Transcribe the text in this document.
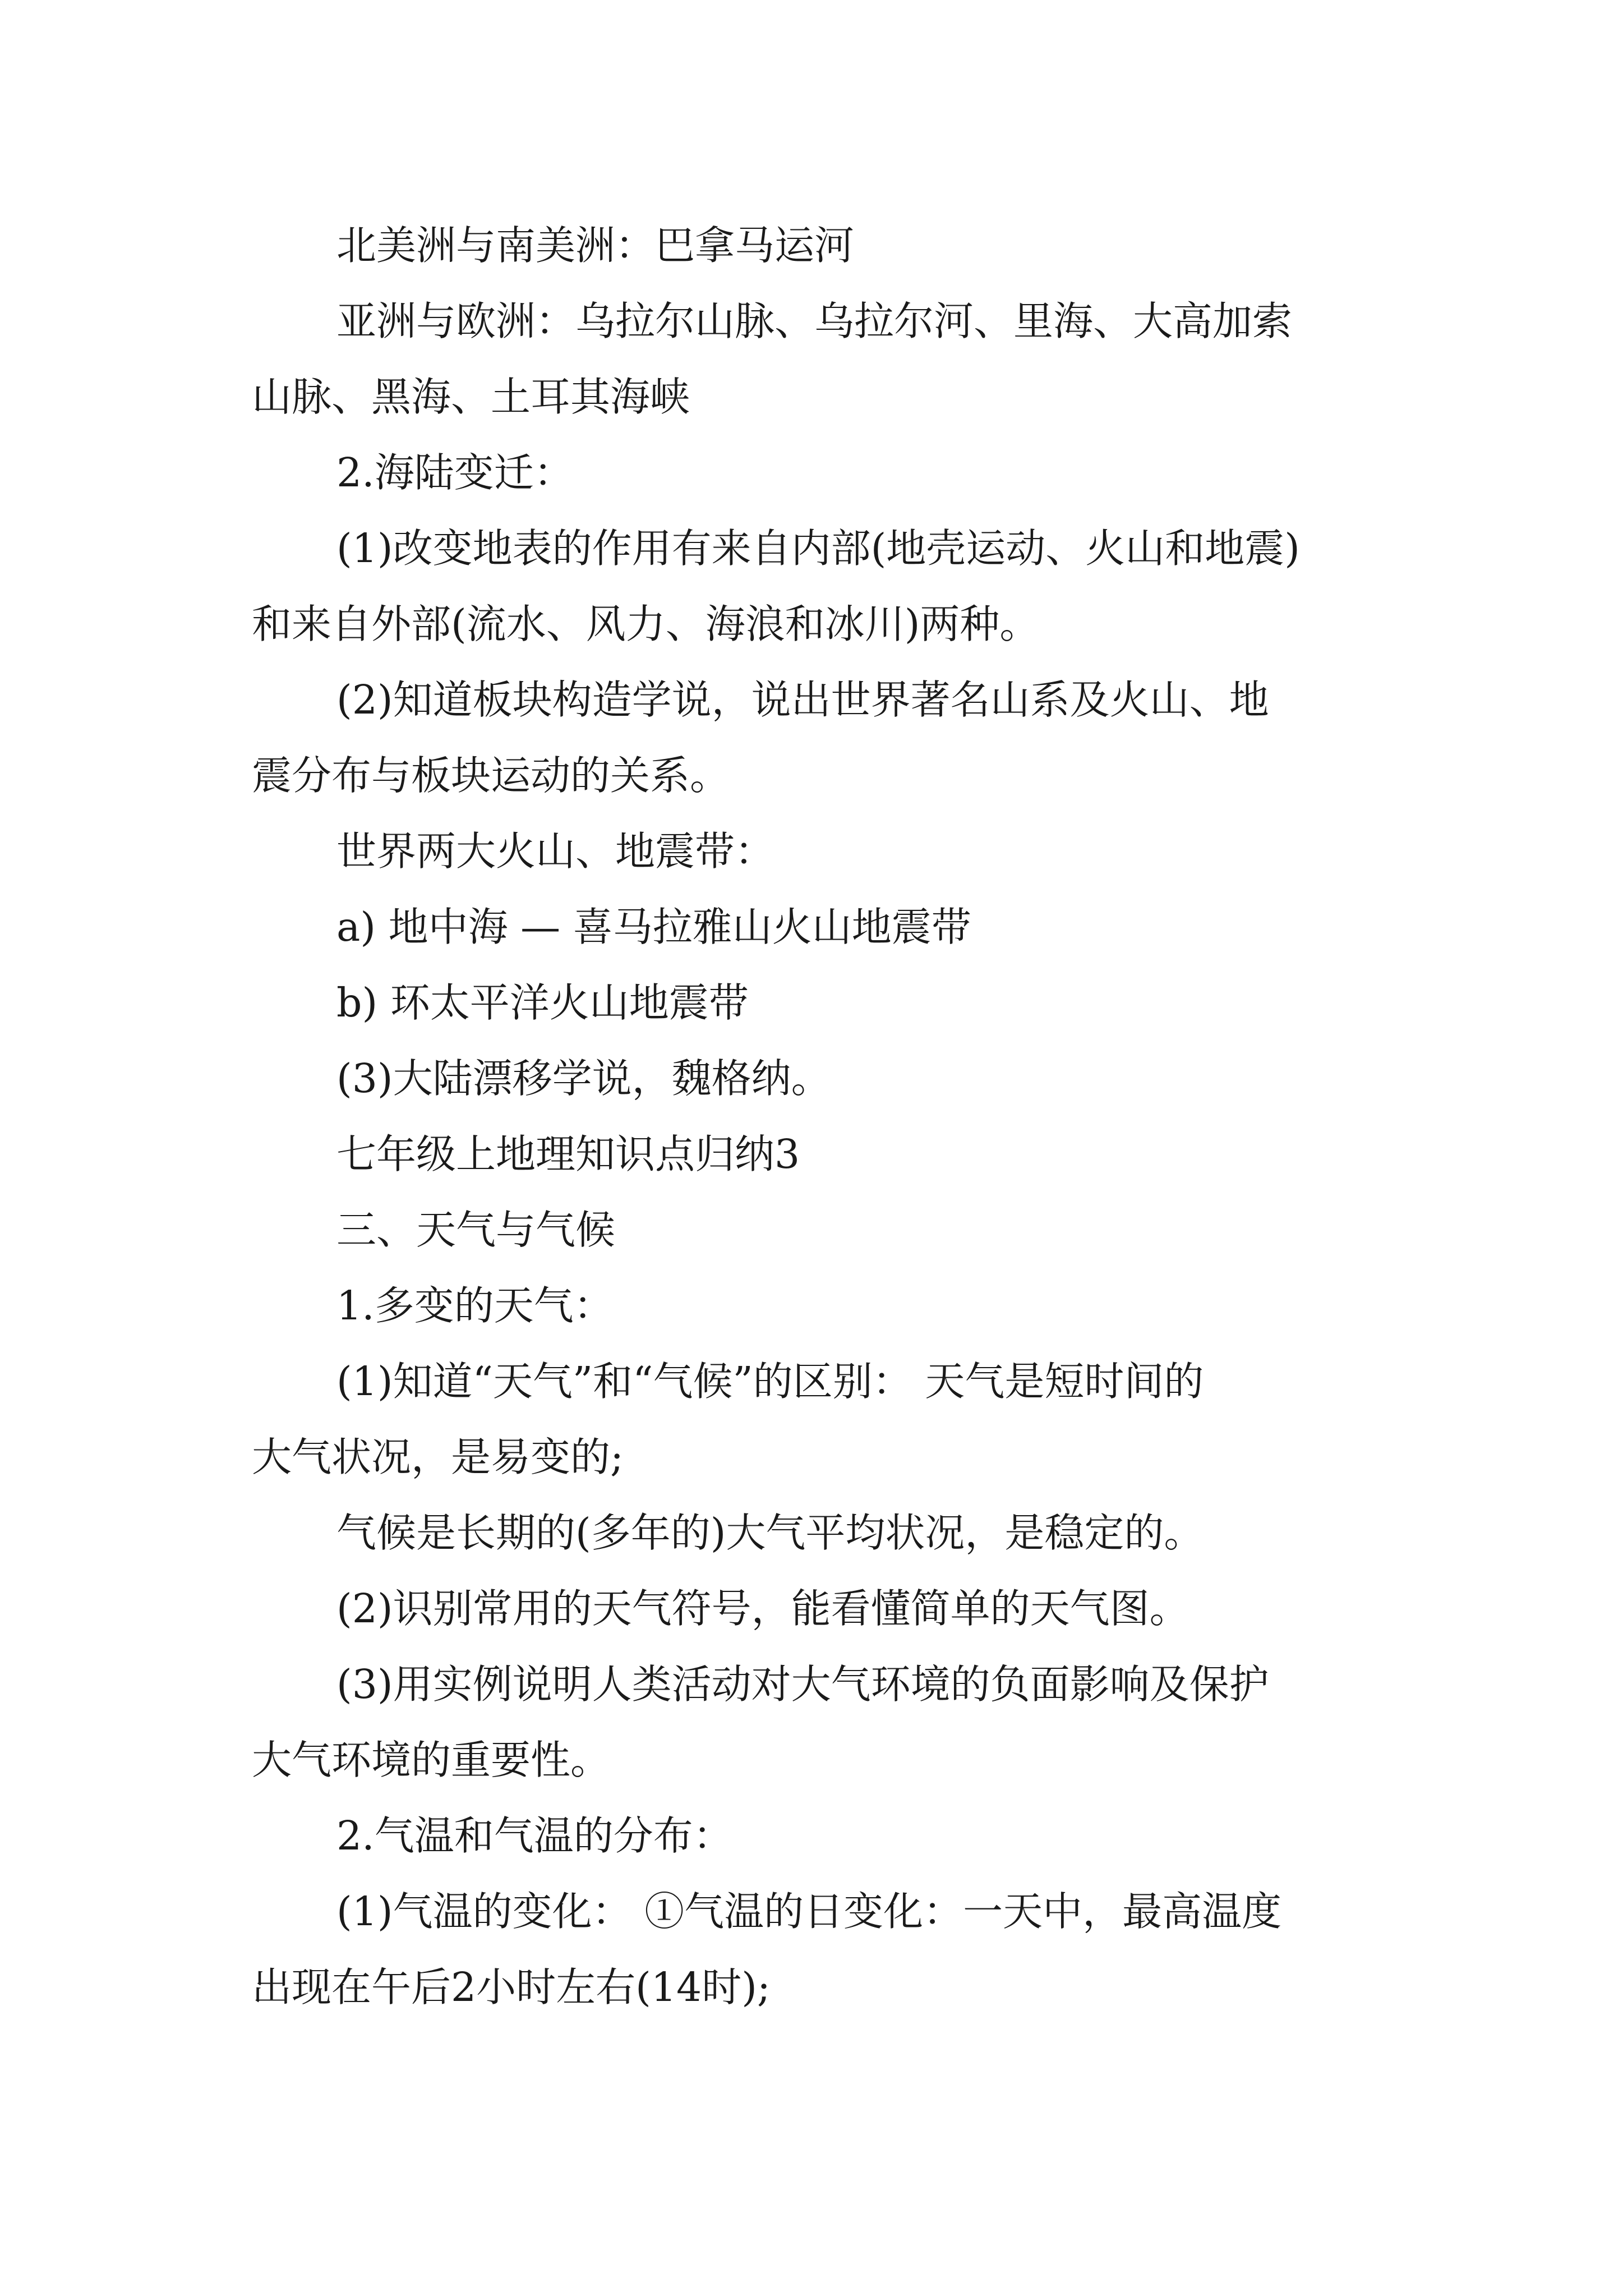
北美洲与南美洲：巴拿马运河

亚洲与欧洲：乌拉尔山脉、乌拉尔河、里海、大高加索
山脉、黑海、土耳其海峡

2.海陆变迁：

(1)改变地表的作用有来自内部(地壳运动、火山和地震)
和来自外部(流水、风力、海浪和冰川)两种。

(2)知道板块构造学说，说出世界著名山系及火山、地
震分布与板块运动的关系。

世界两大火山、地震带：

a) 地中海 — 喜马拉雅山火山地震带

b) 环太平洋火山地震带

(3)大陆漂移学说，魏格纳。

七年级上地理知识点归纳3

三、天气与气候

1.多变的天气：

(1)知道“天气”和“气候”的区别： 天气是短时间的
大气状况，是易变的;

气候是长期的(多年的)大气平均状况，是稳定的。

(2)识别常用的天气符号，能看懂简单的天气图。

(3)用实例说明人类活动对大气环境的负面影响及保护
大气环境的重要性。

2.气温和气温的分布：

(1)气温的变化： ①气温的日变化：一天中，最高温度
出现在午后2小时左右(14时);
